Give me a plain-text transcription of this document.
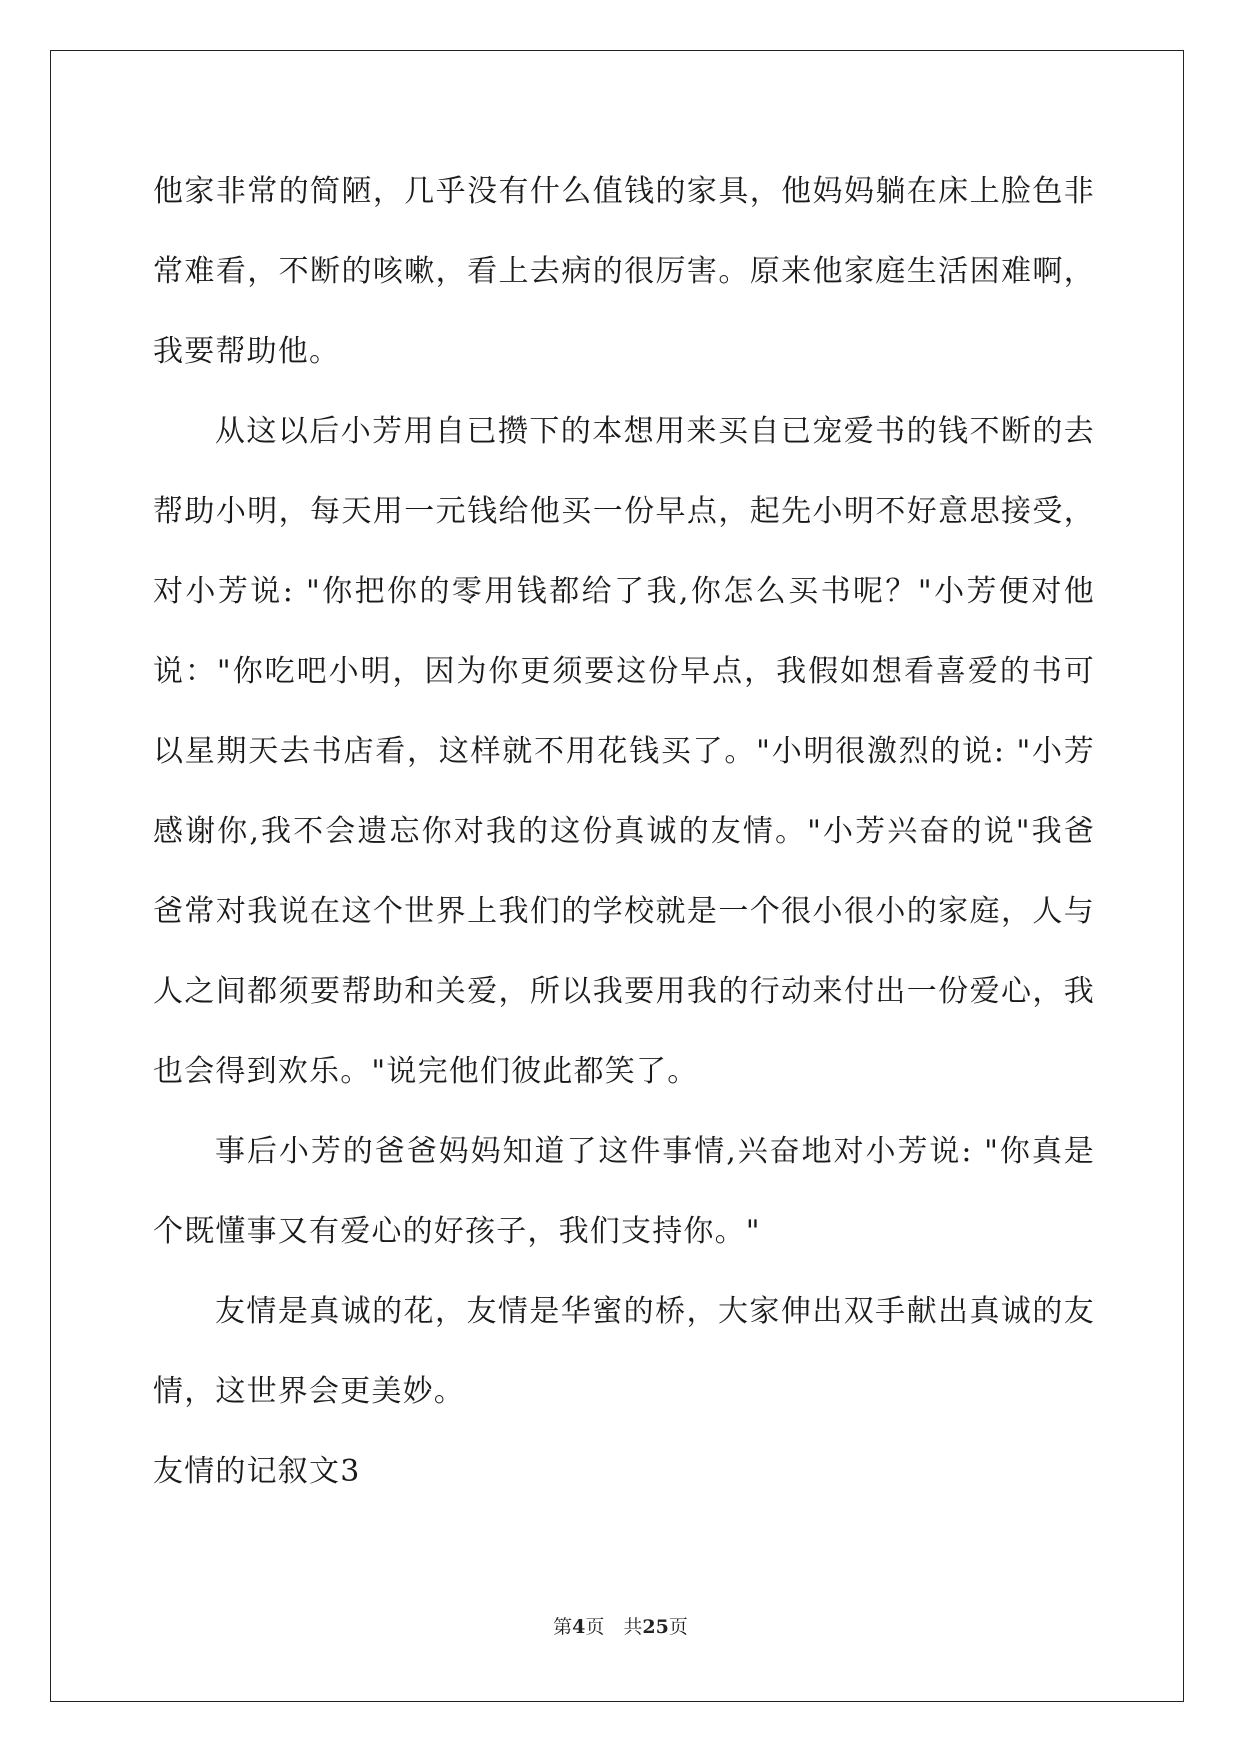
他家非常的简陋，几乎没有什么值钱的家具，他妈妈躺在床上脸色非
常难看，不断的咳嗽，看上去病的很厉害。原来他家庭生活困难啊，
我要帮助他。
从这以后小芳用自已攒下的本想用来买自已宠爱书的钱不断的去
帮助小明，每天用一元钱给他买一份早点，起先小明不好意思接受，
对小芳说: "你把你的零用钱都给了我,你怎么买书呢？"小芳便对他
说："你吃吧小明，因为你更须要这份早点，我假如想看喜爱的书可
以星期天去书店看，这样就不用花钱买了。"小明很激烈的说: "小芳
感谢你,我不会遗忘你对我的这份真诚的友情。"小芳兴奋的说"我爸
爸常对我说在这个世界上我们的学校就是一个很小很小的家庭，人与
人之间都须要帮助和关爱，所以我要用我的行动来付出一份爱心，我
也会得到欢乐。"说完他们彼此都笑了。
事后小芳的爸爸妈妈知道了这件事情,兴奋地对小芳说: "你真是
个既懂事又有爱心的好孩子，我们支持你。"
友情是真诚的花，友情是华蜜的桥，大家伸出双手献出真诚的友
情，这世界会更美妙。
友情的记叙文3
第4页　共25页
